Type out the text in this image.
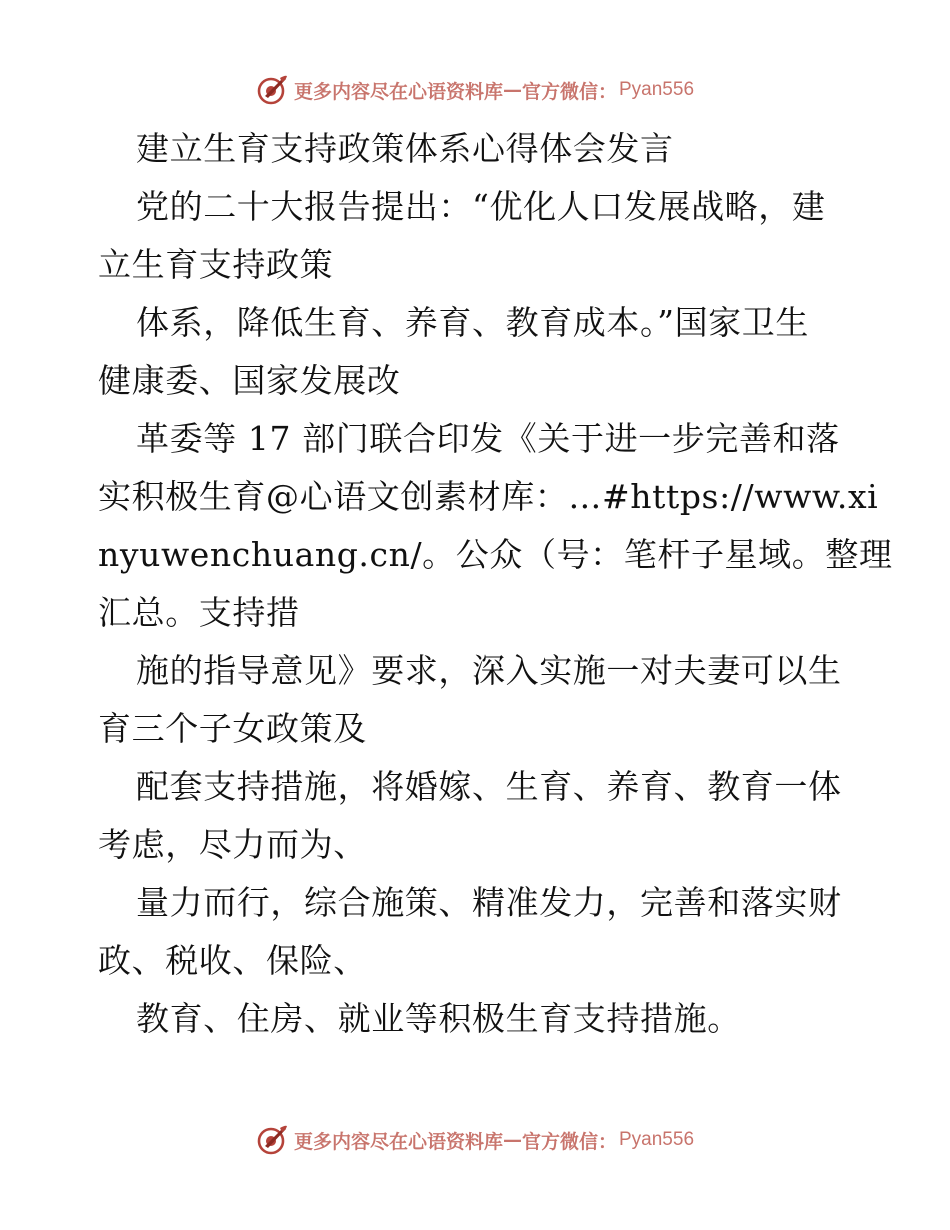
更多内容尽在心语资料库 — 官方微信： Pyan556
建立生育支持政策体系心得体会发言
党的二十大报告提出：“优化人口发展战略，建
立生育支持政策
体系，降低生育、养育、教育成本。”国家卫生
健康委、国家发展改
革委等 17 部门联合印发《关于进一步完善和落
实积极生育@心语文创素材库：…#https://www.xi
nyuwenchuang.cn/。公众（号：笔杆子星域。整理
汇总。支持措
施的指导意见》要求，深入实施一对夫妻可以生
育三个子女政策及
配套支持措施，将婚嫁、生育、养育、教育一体
考虑，尽力而为、
量力而行，综合施策、精准发力，完善和落实财
政、税收、保险、
教育、住房、就业等积极生育支持措施。
更多内容尽在心语资料库 — 官方微信： Pyan556
